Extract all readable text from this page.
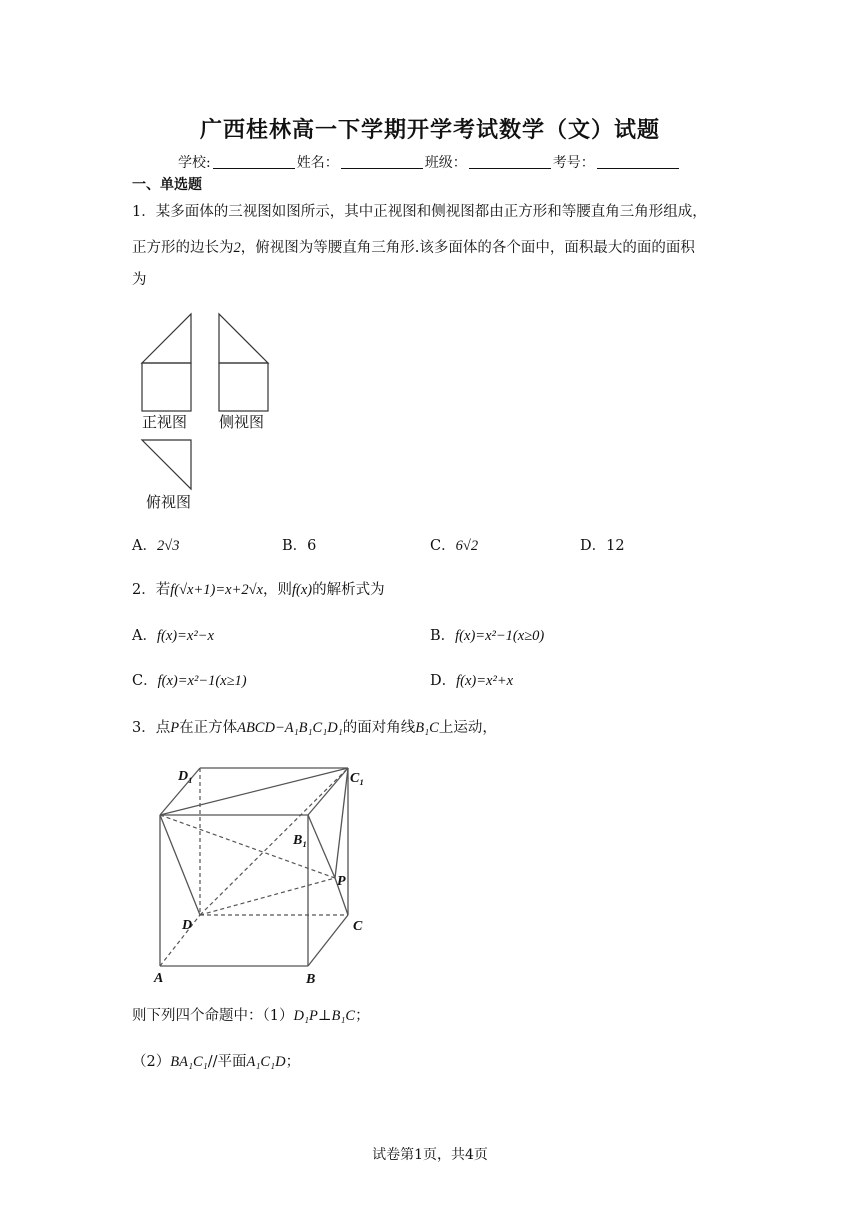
广西桂林高一下学期开学考试数学（文）试题
学校:	姓名：	班级：	考号：
一、单选题
1．某多面体的三视图如图所示，其中正视图和侧视图都由正方形和等腰直角三角形组成，
正方形的边长为2，俯视图为等腰直角三角形.该多面体的各个面中，面积最大的面的面积
为
正视图 侧视图
俯视图
A．2√3	B．6	C．6√2	D．12
2．若f(√x+1)=x+2√x，则f(x)的解析式为
A．f(x)=x²−x	B．f(x)=x²−1(x≥0)
C．f(x)=x²−1(x≥1)	D．f(x)=x²+x
3．点P在正方体ABCD−A₁B₁C₁D₁的面对角线B₁C上运动，
D₁	C₁
B₁
P
D	C
A	B
则下列四个命题中：（1）D₁P⊥B₁C；
（2）BA₁C₁//平面A₁C₁D；
试卷第1页，共4页
